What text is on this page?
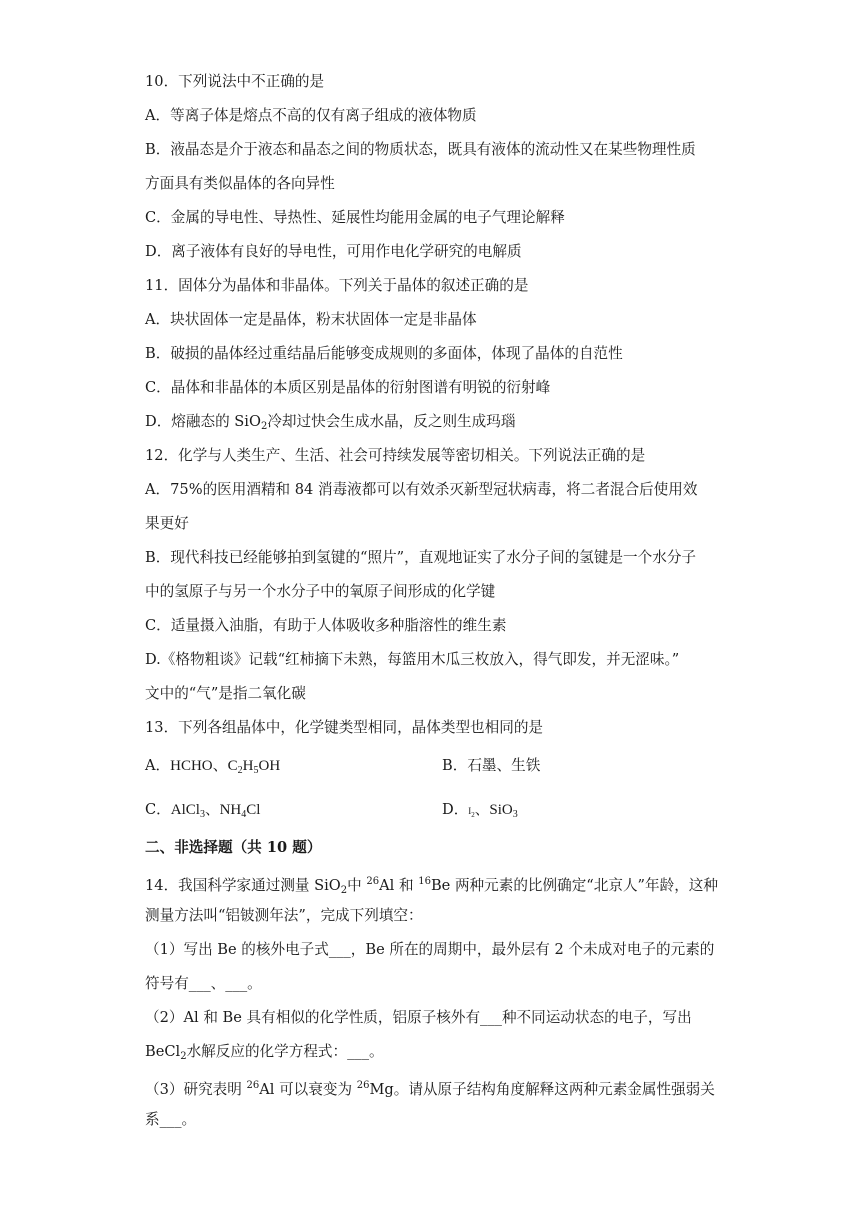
10．下列说法中不正确的是
A．等离子体是熔点不高的仅有离子组成的液体物质
B．液晶态是介于液态和晶态之间的物质状态，既具有液体的流动性又在某些物理性质
方面具有类似晶体的各向异性
C．金属的导电性、导热性、延展性均能用金属的电子气理论解释
D．离子液体有良好的导电性，可用作电化学研究的电解质
11．固体分为晶体和非晶体。下列关于晶体的叙述正确的是
A．块状固体一定是晶体，粉末状固体一定是非晶体
B．破损的晶体经过重结晶后能够变成规则的多面体，体现了晶体的自范性
C．晶体和非晶体的本质区别是晶体的衍射图谱有明锐的衍射峰
D．熔融态的 SiO$_2$冷却过快会生成水晶，反之则生成玛瑙
12．化学与人类生产、生活、社会可持续发展等密切相关。下列说法正确的是
A．75%的医用酒精和 84 消毒液都可以有效杀灭新型冠状病毒，将二者混合后使用效
果更好
B．现代科技已经能够拍到氢键的“照片”，直观地证实了水分子间的氢键是一个水分子
中的氢原子与另一个水分子中的氧原子间形成的化学键
C．适量摄入油脂，有助于人体吸收多种脂溶性的维生素
D.《格物粗谈》记载“红柿摘下未熟，每篮用木瓜三枚放入，得气即发，并无涩味。”
文中的“气”是指二氧化碳
13．下列各组晶体中，化学键类型相同，晶体类型也相同的是
A．HCHO、$C_2H_5OH$	B．石墨、生铁
C．AlCl$_3$、$NH_4Cl$	D．$I_2$、SiO$_3$
二、非选择题（共 10 题）
14．我国科学家通过测量 SiO$_2$中 $^{26}$Al 和 $^{16}$Be 两种元素的比例确定“北京人”年龄，这种
测量方法叫“铝铍测年法”，完成下列填空：
（1）写出 Be 的核外电子式___，Be 所在的周期中，最外层有 2 个未成对电子的元素的
符号有___、___。
（2）Al 和 Be 具有相似的化学性质，铝原子核外有___种不同运动状态的电子，写出
BeCl$_2$水解反应的化学方程式：___。
（3）研究表明 $^{26}$Al 可以衰变为 $^{26}$Mg。请从原子结构角度解释这两种元素金属性强弱关
系___。
